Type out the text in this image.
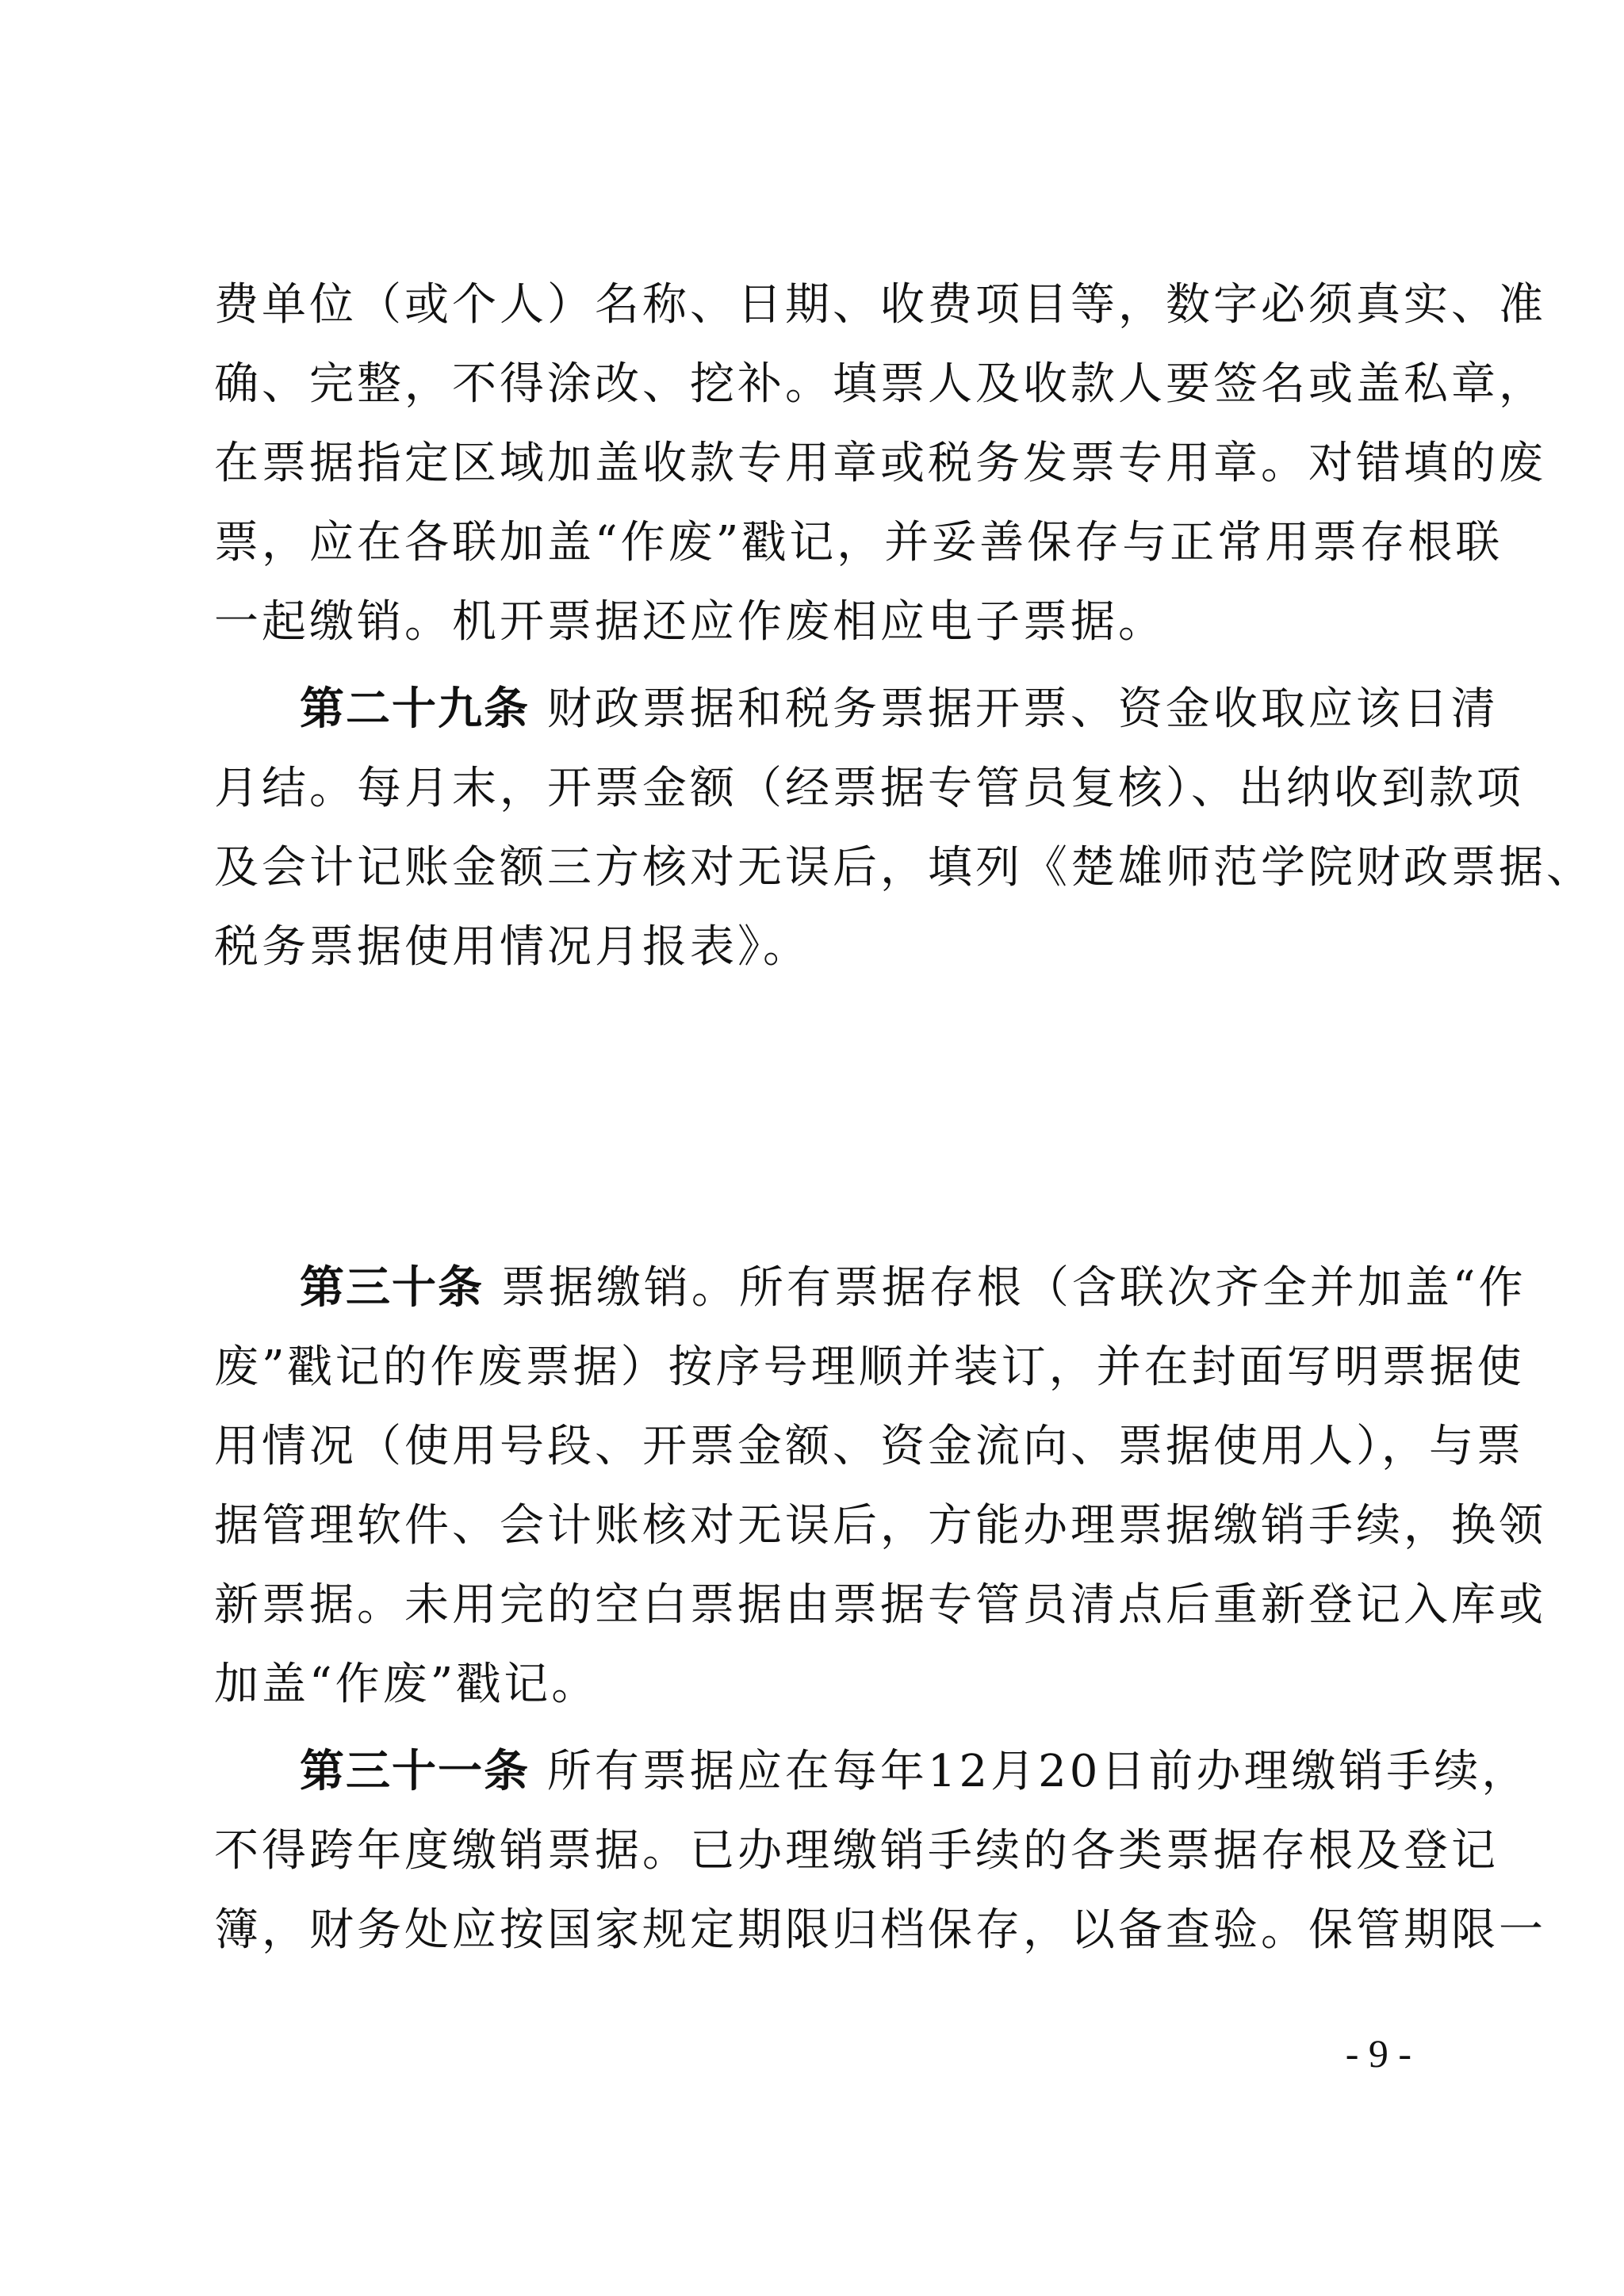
费单位（或个人）名称、日期、收费项目等，数字必须真实、准
确、完整，不得涂改、挖补。填票人及收款人要签名或盖私章，
在票据指定区域加盖收款专用章或税务发票专用章。对错填的废
票，应在各联加盖“作废”戳记，并妥善保存与正常用票存根联
一起缴销。机开票据还应作废相应电子票据。
第二十九条 财政票据和税务票据开票、资金收取应该日清
月结。每月末，开票金额（经票据专管员复核）、出纳收到款项
及会计记账金额三方核对无误后，填列《楚雄师范学院财政票据、
税务票据使用情况月报表》。
第三十条 票据缴销。所有票据存根（含联次齐全并加盖“作
废”戳记的作废票据）按序号理顺并装订，并在封面写明票据使
用情况（使用号段、开票金额、资金流向、票据使用人），与票
据管理软件、会计账核对无误后，方能办理票据缴销手续，换领
新票据。未用完的空白票据由票据专管员清点后重新登记入库或
加盖“作废”戳记。
第三十一条 所有票据应在每年12月20日前办理缴销手续，
不得跨年度缴销票据。已办理缴销手续的各类票据存根及登记
簿，财务处应按国家规定期限归档保存，以备查验。保管期限一
- 9 -
